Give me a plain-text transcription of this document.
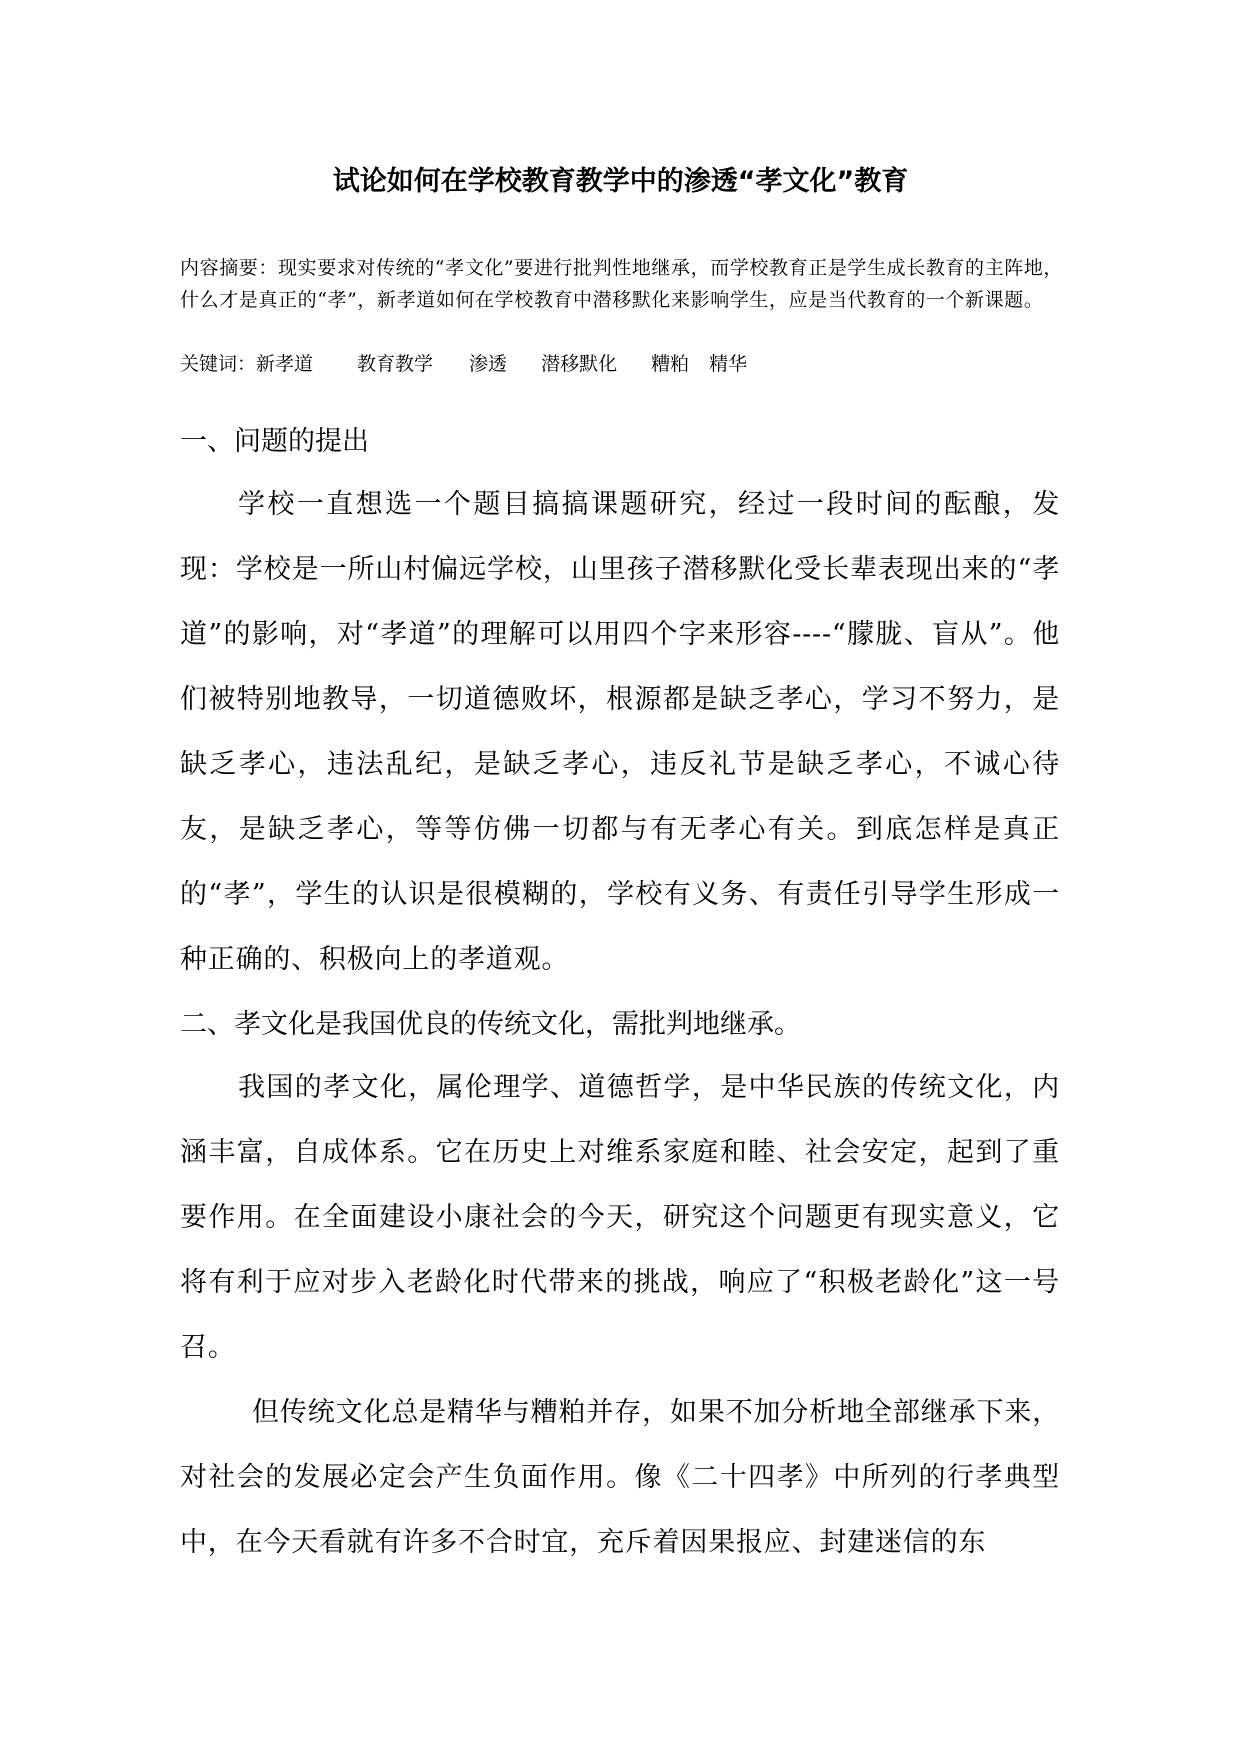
试论如何在学校教育教学中的渗透“孝文化”教育

内容摘要：现实要求对传统的“孝文化”要进行批判性地继承，而学校教育正是学生成长教育的主阵地，什么才是真正的“孝”，新孝道如何在学校教育中潜移默化来影响学生，应是当代教育的一个新课题。

关键词：新孝道 教育教学 渗透 潜移默化 糟粕 精华
一、问题的提出

学校一直想选一个题目搞搞课题研究，经过一段时间的酝酿，发现：学校是一所山村偏远学校，山里孩子潜移默化受长辈表现出来的“孝道”的影响，对“孝道”的理解可以用四个字来形容----“朦胧、盲从”。他们被特别地教导，一切道德败坏，根源都是缺乏孝心，学习不努力，是缺乏孝心，违法乱纪，是缺乏孝心，违反礼节是缺乏孝心，不诚心待友，是缺乏孝心，等等仿佛一切都与有无孝心有关。到底怎样是真正的“孝”，学生的认识是很模糊的，学校有义务、有责任引导学生形成一种正确的、积极向上的孝道观。

二、孝文化是我国优良的传统文化，需批判地继承。

我国的孝文化，属伦理学、道德哲学，是中华民族的传统文化，内涵丰富，自成体系。它在历史上对维系家庭和睦、社会安定，起到了重要作用。在全面建设小康社会的今天，研究这个问题更有现实意义，它将有利于应对步入老龄化时代带来的挑战，响应了“积极老龄化”这一号召。

但传统文化总是精华与糟粕并存，如果不加分析地全部继承下来，对社会的发展必定会产生负面作用。像《二十四孝》中所列的行孝典型中，在今天看就有许多不合时宜，充斥着因果报应、封建迷信的东
